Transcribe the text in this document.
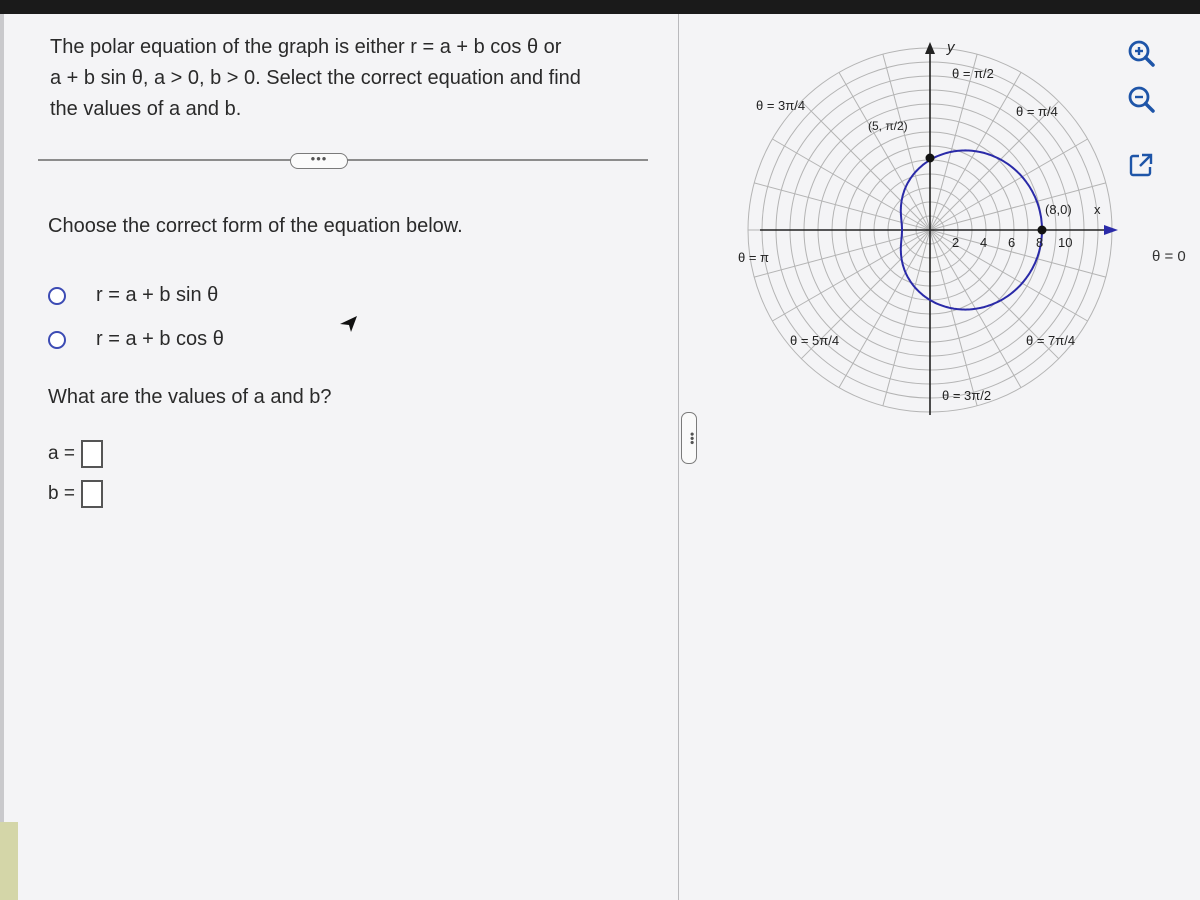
The polar equation of the graph is either r = a + b cos θ or
a + b sin θ, a > 0, b > 0. Select the correct equation and find
the values of a and b.
•••
Choose the correct form of the equation below.
r = a + b sin θ
r = a + b cos θ
What are the values of a and b?
a =
b =
•••
y
x
θ = π/2
θ = π/4
θ = 3π/4
θ = π
θ = 5π/4
θ = 3π/2
θ = 7π/4
2 4 6 8 10
(8,0)
(5, π/2)
θ = 0
